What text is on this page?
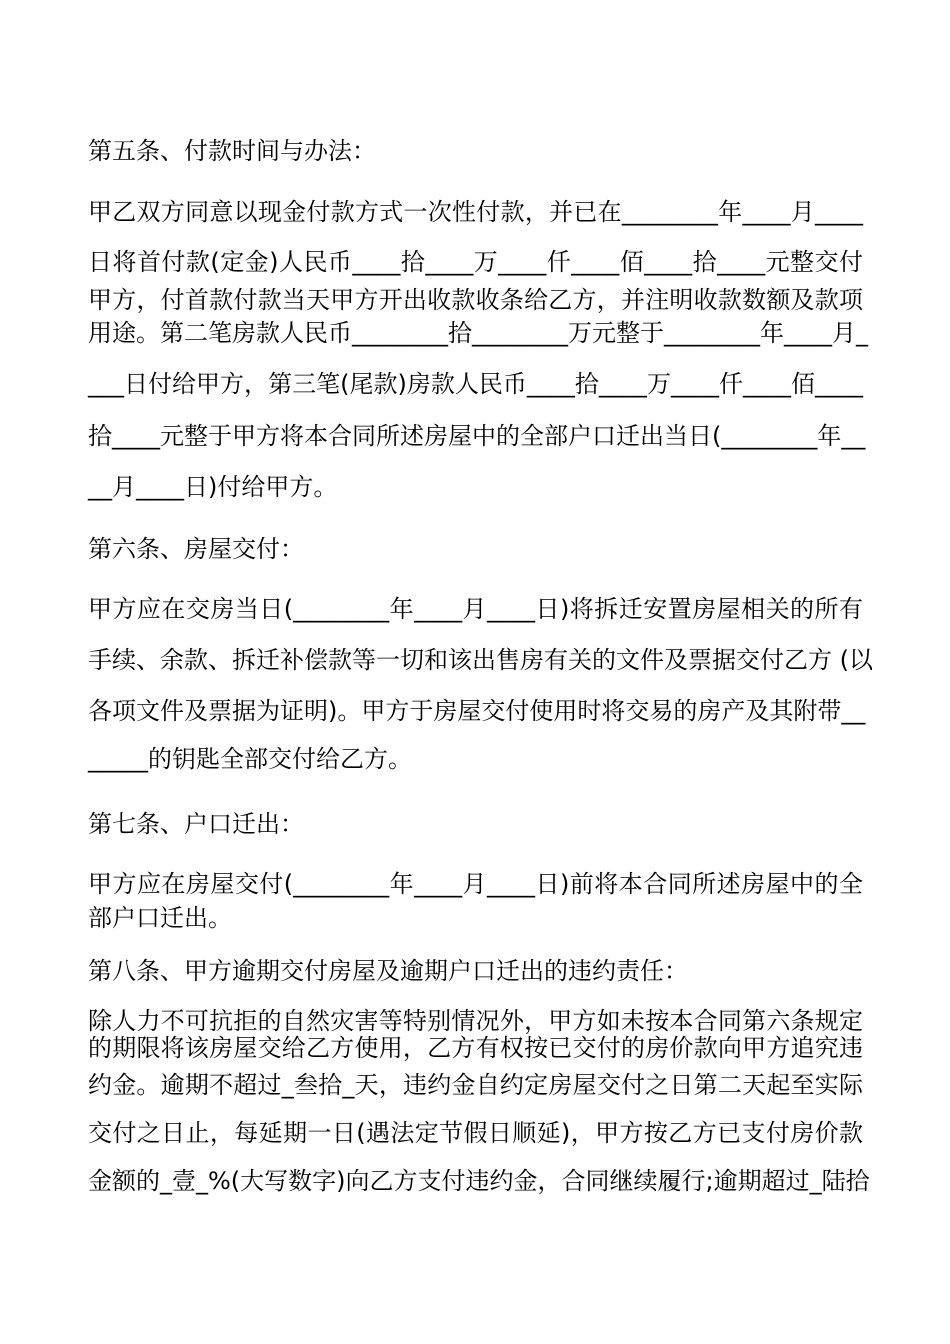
第五条、付款时间与办法：
甲乙双方同意以现金付款方式一次性付款，并已在________年____月____
日将首付款(定金)人民币____拾____万____仟____佰____拾____元整交付
甲方，付首款付款当天甲方开出收款收条给乙方，并注明收款数额及款项
用途。第二笔房款人民币________拾________万元整于________年____月_
___日付给甲方，第三笔(尾款)房款人民币____拾____万____仟____佰____
拾____元整于甲方将本合同所述房屋中的全部户口迁出当日(________年__
__月____日)付给甲方。
第六条、房屋交付：
甲方应在交房当日(________年____月____日)将拆迁安置房屋相关的所有
手续、余款、拆迁补偿款等一切和该出售房有关的文件及票据交付乙方 (以
各项文件及票据为证明)。甲方于房屋交付使用时将交易的房产及其附带__
_____的钥匙全部交付给乙方。
第七条、户口迁出：
甲方应在房屋交付(________年____月____日)前将本合同所述房屋中的全
部户口迁出。
第八条、甲方逾期交付房屋及逾期户口迁出的违约责任：
除人力不可抗拒的自然灾害等特别情况外，甲方如未按本合同第六条规定
的期限将该房屋交给乙方使用，乙方有权按已交付的房价款向甲方追究违
约金。逾期不超过_叁拾_天，违约金自约定房屋交付之日第二天起至实际
交付之日止，每延期一日(遇法定节假日顺延)，甲方按乙方已支付房价款
金额的_壹_%(大写数字)向乙方支付违约金，合同继续履行;逾期超过_陆拾
